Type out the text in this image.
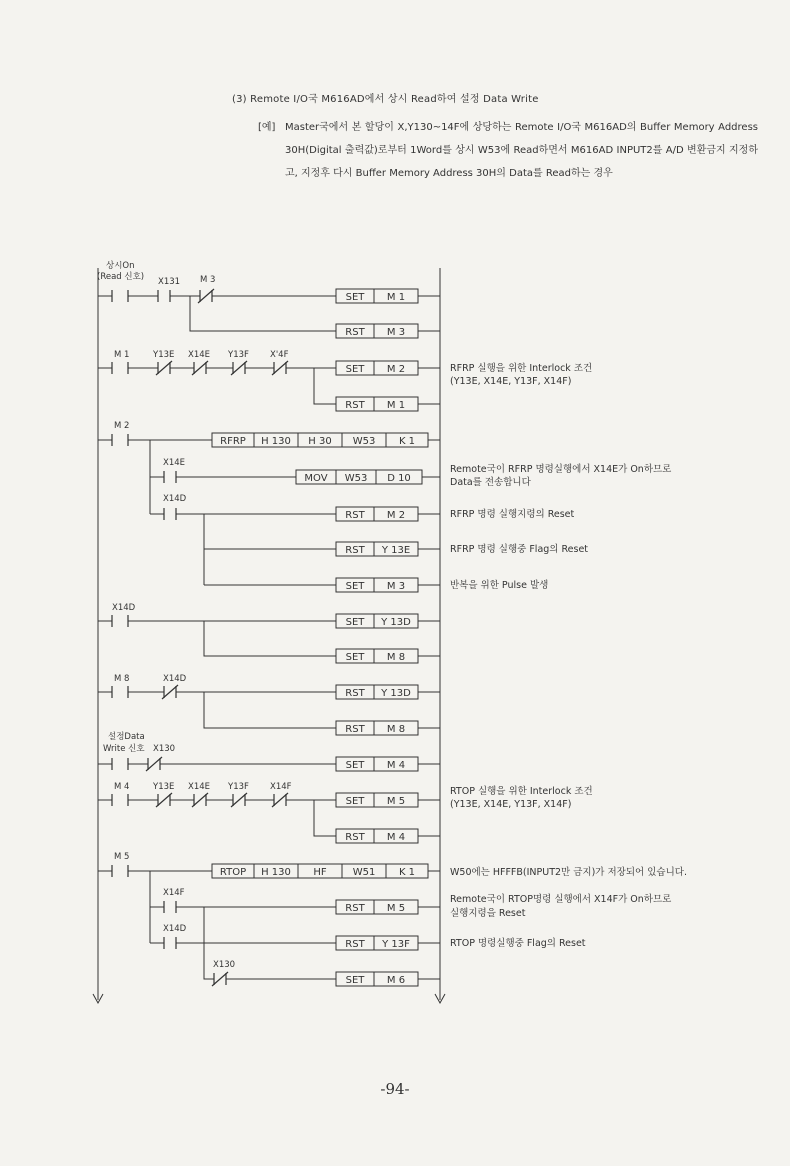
(3) Remote I/O국 M616AD에서 상시 Read하여 설정 Data Write
[예] Master국에서 본 할당이 X,Y130~14F에 상당하는 Remote I/O국 M616AD의 Buffer Memory Address 30H(Digital 출력값)로부터 1Word를 상시 W53에 Read하면서 M616AD INPUT2를 A/D 변환금지 지정하고, 지정후 다시 Buffer Memory Address 30H의 Data를 Read하는 경우
SET M 1
RST M 3
SET M 2
RST M 1
RFRP H 130 H 30 W53 K 1
MOV W53 D 10
RST M 2
RST Y 13E
SET M 3
SET Y 13D
SET M 8
RST Y 13D
RST M 8
SET M 4
SET M 5
RST M 4
RTOP H 130 HF	W51 K 1
RST M 5
RST Y 13F
SET M 6
상시On
(Read 신호) X131 M 3
M 1	Y13E X14E Y13F X'4F
M 2
X14E
X14D
X14D
M 8	X14D
설정Data
Write 신호 X130
M 4	Y13E X14E Y13F X14F
M 5
X14F
X14D
X130
RFRP 실행을 위한 Interlock 조건
(Y13E, X14E, Y13F, X14F)
Remote국이 RFRP 명령실행에서 X14E가 On하므로
Data를 전송합니다
RFRP 명령 실행지령의 Reset
RFRP 명령 실행중 Flag의 Reset
반복을 위한 Pulse 발생
RTOP 실행을 위한 Interlock 조건
(Y13E, X14E, Y13F, X14F)
W50에는 HFFFB(INPUT2만 금지)가 저장되어 있습니다.
Remote국이 RTOP명령 실행에서 X14F가 On하므로
실행지령을 Reset
RTOP 명령실행중 Flag의 Reset
-94-
